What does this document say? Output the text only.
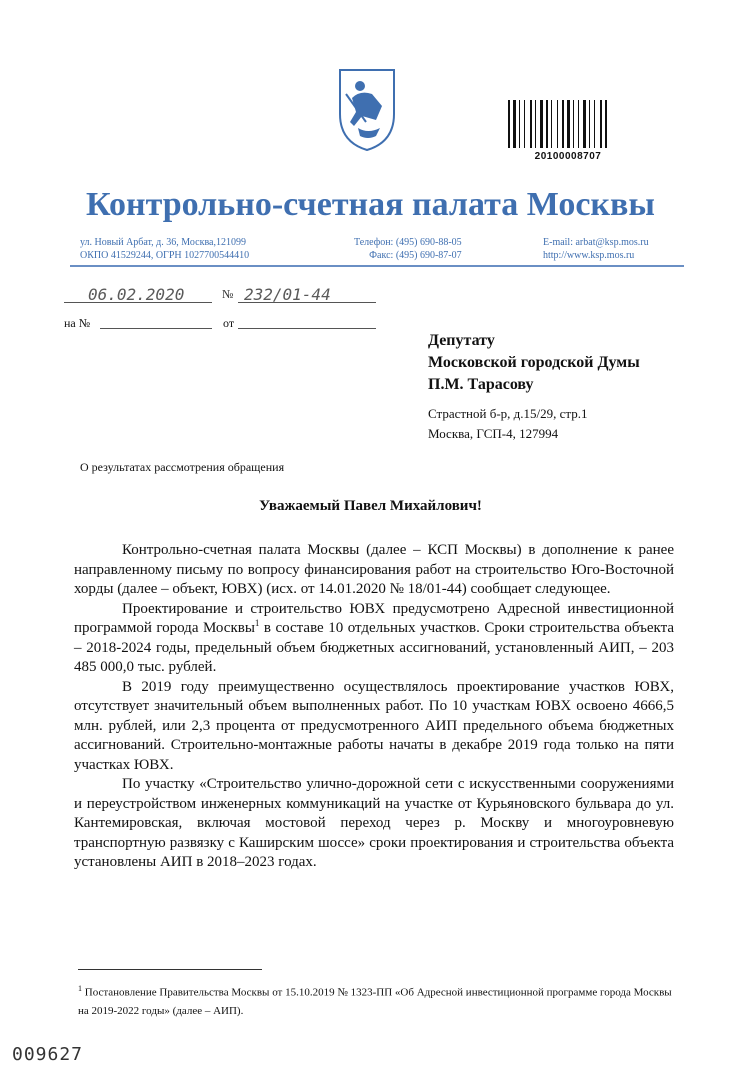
20100008707
Контрольно-счетная палата Москвы
ул. Новый Арбат, д. 36, Москва,121099
ОКПО 41529244, ОГРН 1027700544410
Телефон: (495) 690-88-05
Факс: (495) 690-87-07
E-mail: arbat@ksp.mos.ru
http://www.ksp.mos.ru
06.02.2020	№ 232/01-44
на №	от
Депутату
Московской городской Думы
П.М. Тарасову
Страстной б-р, д.15/29, стр.1
Москва, ГСП-4, 127994
О результатах рассмотрения обращения
Уважаемый Павел Михайлович!

Контрольно-счетная палата Москвы (далее – КСП Москвы) в дополнение к ранее направленному письму по вопросу финансирования работ на строительство Юго-Восточной хорды (далее – объект, ЮВХ) (исх. от 14.01.2020 № 18/01-44) сообщает следующее.

Проектирование и строительство ЮВХ предусмотрено Адресной инвестиционной программой города Москвы$^1$ в составе 10 отдельных участков. Сроки строительства объекта – 2018-2024 годы, предельный объем бюджетных ассигнований, установленный АИП, – 203 485 000,0 тыс. рублей.

В 2019 году преимущественно осуществлялось проектирование участков ЮВХ, отсутствует значительный объем выполненных работ. По 10 участкам ЮВХ освоено 4666,5 млн. рублей, или 2,3 процента от предусмотренного АИП предельного объема бюджетных ассигнований. Строительно-монтажные работы начаты в декабре 2019 года только на пяти участках ЮВХ.

По участку «Строительство улично-дорожной сети с искусственными сооружениями и переустройством инженерных коммуникаций на участке от Курьяновского бульвара до ул. Кантемировская, включая мостовой переход через р. Москву и многоуровневую транспортную развязку с Каширским шоссе» сроки проектирования и строительства объекта установлены АИП в 2018–2023 годах.

$^1$ Постановление Правительства Москвы от 15.10.2019 № 1323-ПП «Об Адресной инвестиционной программе города Москвы на 2019-2022 годы» (далее – АИП).
009627
